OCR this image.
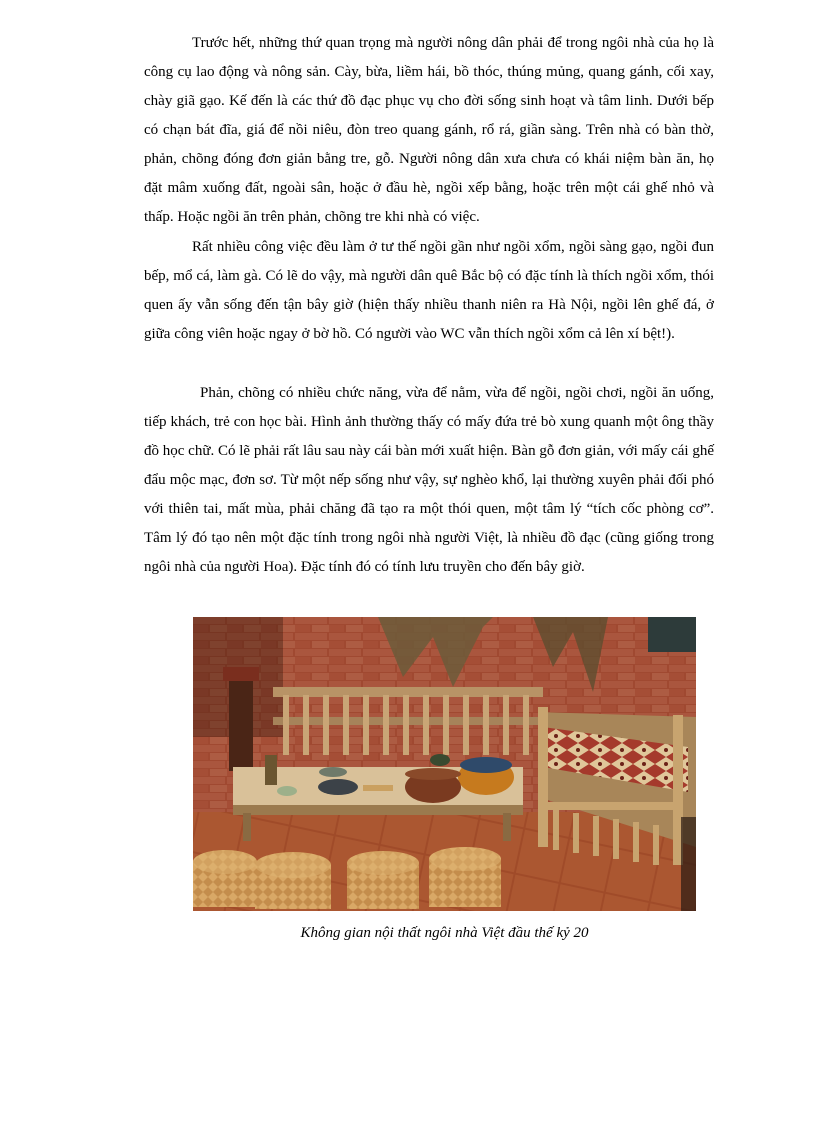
Trước hết, những thứ quan trọng mà người nông dân phải để trong ngôi nhà của họ là công cụ lao động và nông sản. Cày, bừa, liềm hái, bồ thóc, thúng mủng, quang gánh, cối xay, chày giã gạo. Kế đến là các thứ đồ đạc phục vụ cho đời sống sinh hoạt và tâm linh. Dưới bếp có chạn bát đĩa, giá để nồi niêu, đòn treo quang gánh, rổ rá, giần sàng. Trên nhà có bàn thờ, phản, chõng đóng đơn giản bằng tre, gỗ. Người nông dân xưa chưa có khái niệm bàn ăn, họ đặt mâm xuống đất, ngoài sân, hoặc ở đầu hè, ngồi xếp bằng, hoặc trên một cái ghế nhỏ và thấp. Hoặc ngồi ăn trên phản, chõng tre khi nhà có việc.

Rất nhiều công việc đều làm ở tư thế ngồi gần như ngồi xổm, ngồi sàng gạo, ngồi đun bếp, mổ cá, làm gà. Có lẽ do vậy, mà người dân quê Bắc bộ có đặc tính là thích ngồi xổm, thói quen ấy vẫn sống đến tận bây giờ (hiện thấy nhiều thanh niên ra Hà Nội, ngồi lên ghế đá, ở giữa công viên hoặc ngay ở bờ hồ. Có người vào WC vẫn thích ngồi xổm cả lên xí bệt!).

Phản, chõng có nhiều chức năng, vừa để nằm, vừa để ngồi, ngồi chơi, ngồi ăn uống, tiếp khách, trẻ con học bài. Hình ảnh thường thấy có mấy đứa trẻ bò xung quanh một ông thầy đồ học chữ. Có lẽ phải rất lâu sau này cái bàn mới xuất hiện. Bàn gỗ đơn giản, với mấy cái ghế đẩu mộc mạc, đơn sơ. Từ một nếp sống như vậy, sự nghèo khổ, lại thường xuyên phải đối phó với thiên tai, mất mùa, phải chăng đã tạo ra một thói quen, một tâm lý “tích cốc phòng cơ”. Tâm lý đó tạo nên một đặc tính trong ngôi nhà người Việt, là nhiều đồ đạc (cũng giống trong ngôi nhà của người Hoa). Đặc tính đó có tính lưu truyền cho đến bây giờ.

Không gian nội thất ngôi nhà Việt đầu thế kỷ 20
